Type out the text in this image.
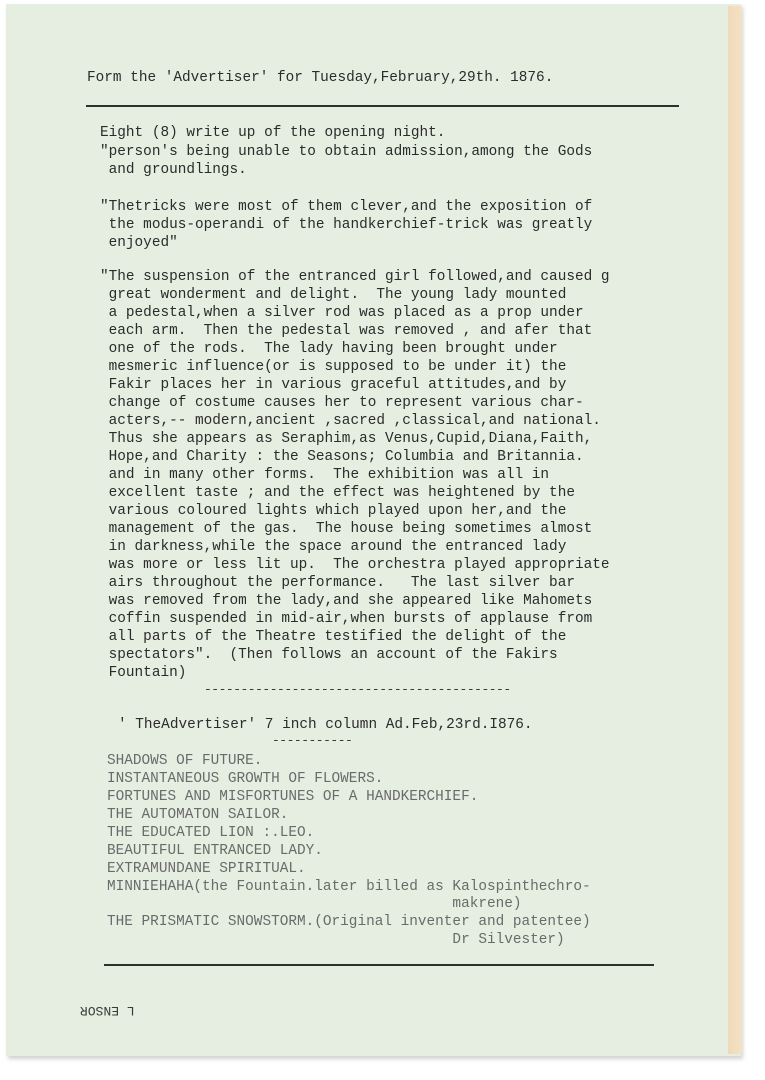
Form the 'Advertiser' for Tuesday,February,29th. 1876.
Eight (8) write up of the opening night.
"person's being unable to obtain admission,among the Gods
and groundlings.
"Thetricks were most of them clever,and the exposition of
the modus-operandi of the handkerchief-trick was greatly
enjoyed"
"The suspension of the entranced girl followed,and caused g
great wonderment and delight.  The young lady mounted
a pedestal,when a silver rod was placed as a prop under
each arm.  Then the pedestal was removed , and afer that
one of the rods.  The lady having been brought under
mesmeric influence(or is supposed to be under it) the
Fakir places her in various graceful attitudes,and by
change of costume causes her to represent various char-
acters,-- modern,ancient ,sacred ,classical,and national.
Thus she appears as Seraphim,as Venus,Cupid,Diana,Faith,
Hope,and Charity : the Seasons; Columbia and Britannia.
and in many other forms.  The exhibition was all in
excellent taste ; and the effect was heightened by the
various coloured lights which played upon her,and the
management of the gas.  The house being sometimes almost
in darkness,while the space around the entranced lady
was more or less lit up.  The orchestra played appropriate
airs throughout the performance.   The last silver bar
was removed from the lady,and she appeared like Mahomets
coffin suspended in mid-air,when bursts of applause from
all parts of the Theatre testified the delight of the
spectators".  (Then follows an account of the Fakirs
Fountain)
------------------------------------------
' TheAdvertiser' 7 inch column Ad.Feb,23rd.I876.
-----------
SHADOWS OF FUTURE.
INSTANTANEOUS GROWTH OF FLOWERS.
FORTUNES AND MISFORTUNES OF A HANDKERCHIEF.
THE AUTOMATON SAILOR.
THE EDUCATED LION :.LEO.
BEAUTIFUL ENTRANCED LADY.
EXTRAMUNDANE SPIRITUAL.
MINNIEHAHA(the Fountain.later billed as Kalospinthechro-
makrene)
THE PRISMATIC SNOWSTORM.(Original inventer and patentee)
Dr Silvester)
L ENSOR
